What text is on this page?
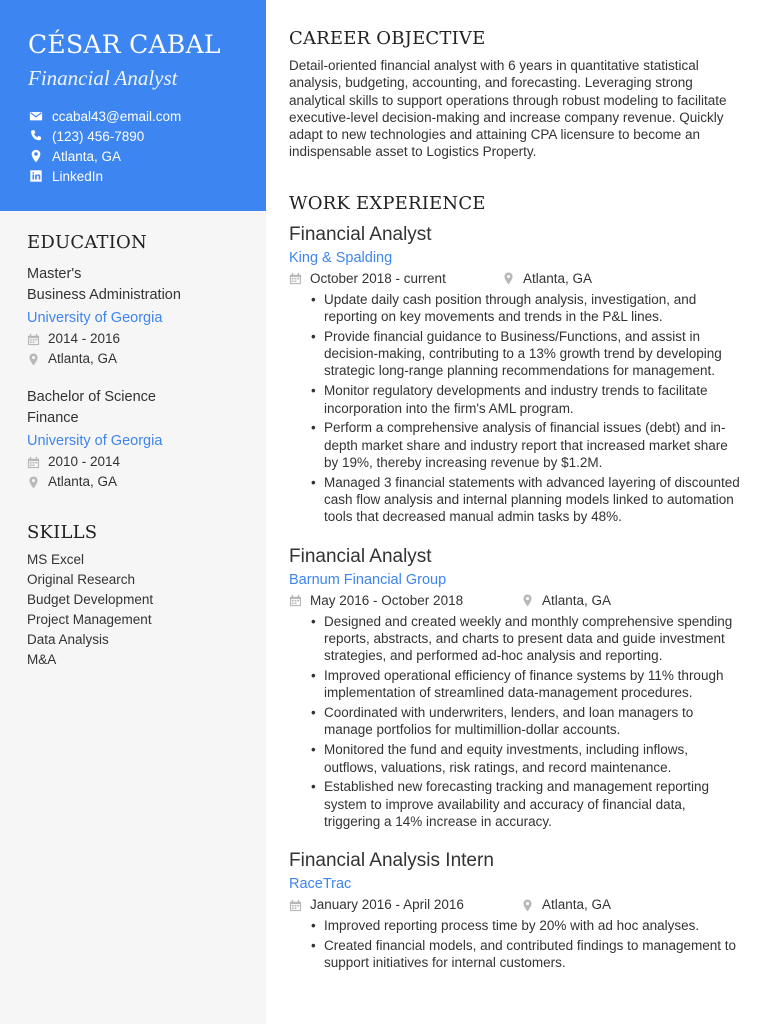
CÉSAR CABAL
Financial Analyst
ccabal43@email.com
(123) 456-7890
Atlanta, GA
LinkedIn
EDUCATION
Master's
Business Administration
University of Georgia
2014 - 2016
Atlanta, GA
Bachelor of Science
Finance
University of Georgia
2010 - 2014
Atlanta, GA
SKILLS
MS Excel
Original Research
Budget Development
Project Management
Data Analysis
M&A
CAREER OBJECTIVE

Detail-oriented financial analyst with 6 years in quantitative statistical analysis, budgeting, accounting, and forecasting. Leveraging strong analytical skills to support operations through robust modeling to facilitate executive-level decision-making and increase company revenue. Quickly adapt to new technologies and attaining CPA licensure to become an indispensable asset to Logistics Property.

WORK EXPERIENCE
Financial Analyst
King & Spalding
October 2018 - current	Atlanta, GA
• Update daily cash position through analysis, investigation, and reporting on key movements and trends in the P&L lines.
• Provide financial guidance to Business/Functions, and assist in decision-making, contributing to a 13% growth trend by developing strategic long-range planning recommendations for management.
• Monitor regulatory developments and industry trends to facilitate incorporation into the firm's AML program.
• Perform a comprehensive analysis of financial issues (debt) and in-depth market share and industry report that increased market share by 19%, thereby increasing revenue by $1.2M.
• Managed 3 financial statements with advanced layering of discounted cash flow analysis and internal planning models linked to automation tools that decreased manual admin tasks by 48%.
Financial Analyst
Barnum Financial Group
May 2016 - October 2018	Atlanta, GA
• Designed and created weekly and monthly comprehensive spending reports, abstracts, and charts to present data and guide investment strategies, and performed ad-hoc analysis and reporting.
• Improved operational efficiency of finance systems by 11% through implementation of streamlined data-management procedures.
• Coordinated with underwriters, lenders, and loan managers to manage portfolios for multimillion-dollar accounts.
• Monitored the fund and equity investments, including inflows, outflows, valuations, risk ratings, and record maintenance.
• Established new forecasting tracking and management reporting system to improve availability and accuracy of financial data, triggering a 14% increase in accuracy.
Financial Analysis Intern
RaceTrac
January 2016 - April 2016	Atlanta, GA
• Improved reporting process time by 20% with ad hoc analyses.
• Created financial models, and contributed findings to management to support initiatives for internal customers.
